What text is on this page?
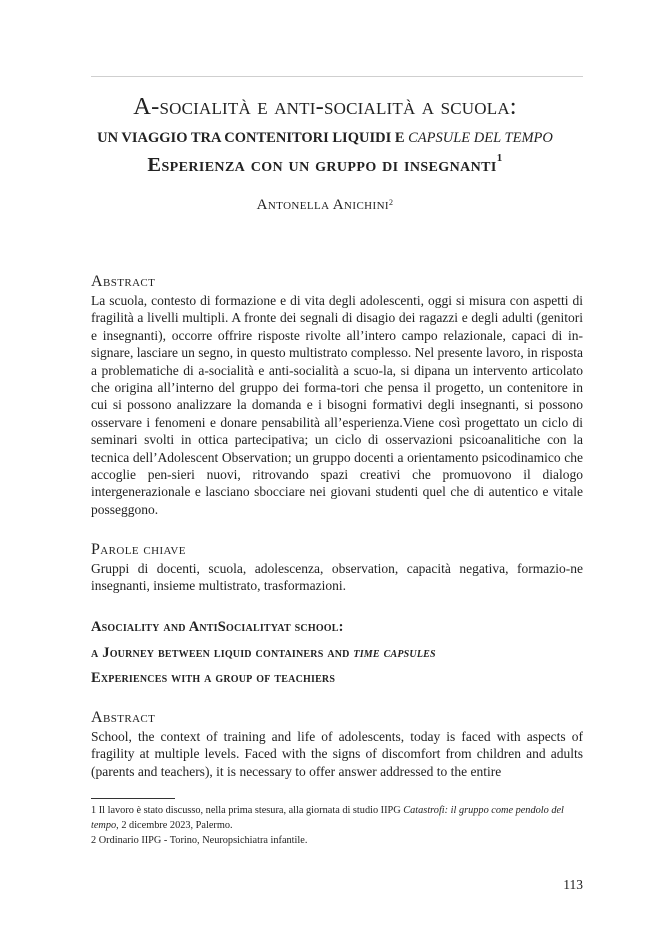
A-socialità e anti-socialità a scuola:
UN VIAGGIO TRA CONTENITORI LIQUIDI E CAPSULE DEL TEMPO
Esperienza con un gruppo di insegnanti$^1$
Antonella Anichini$^2$
Abstract
La scuola, contesto di formazione e di vita degli adolescenti, oggi si misura con aspetti di fragilità a livelli multipli. A fronte dei segnali di disagio dei ragazzi e degli adulti (genitori e insegnanti), occorre offrire risposte rivolte all’intero campo relazionale, capaci di in-signare, lasciare un segno, in questo multistrato complesso. Nel presente lavoro, in risposta a problematiche di a-socialità e anti-socialità a scuo-la, si dipana un intervento articolato che origina all’interno del gruppo dei forma-tori che pensa il progetto, un contenitore in cui si possono analizzare la domanda e i bisogni formativi degli insegnanti, si possono osservare i fenomeni e donare pensabilità all’esperienza.Viene così progettato un ciclo di seminari svolti in ottica partecipativa; un ciclo di osservazioni psicoanalitiche con la tecnica dell’Adolescent Observation; un gruppo docenti a orientamento psicodinamico che accoglie pen-sieri nuovi, ritrovando spazi creativi che promuovono il dialogo intergenerazionale e lasciano sbocciare nei giovani studenti quel che di autentico e vitale posseggono.
Parole chiave
Gruppi di docenti, scuola, adolescenza, observation, capacità negativa, formazio-ne insegnanti, insieme multistrato, trasformazioni.
Asociality and AntiSocialityat school:
a Journey between liquid containers and time capsules
Experiences with a group of teachiers
Abstract
School, the context of training and life of adolescents, today is faced with aspects of fragility at multiple levels. Faced with the signs of discomfort from children and adults (parents and teachers), it is necessary to offer answer addressed to the entire
1 Il lavoro è stato discusso, nella prima stesura, alla giornata di studio IIPG Catastrofi: il gruppo come pendolo del tempo, 2 dicembre 2023, Palermo.
2 Ordinario IIPG - Torino, Neuropsichiatra infantile.
113
